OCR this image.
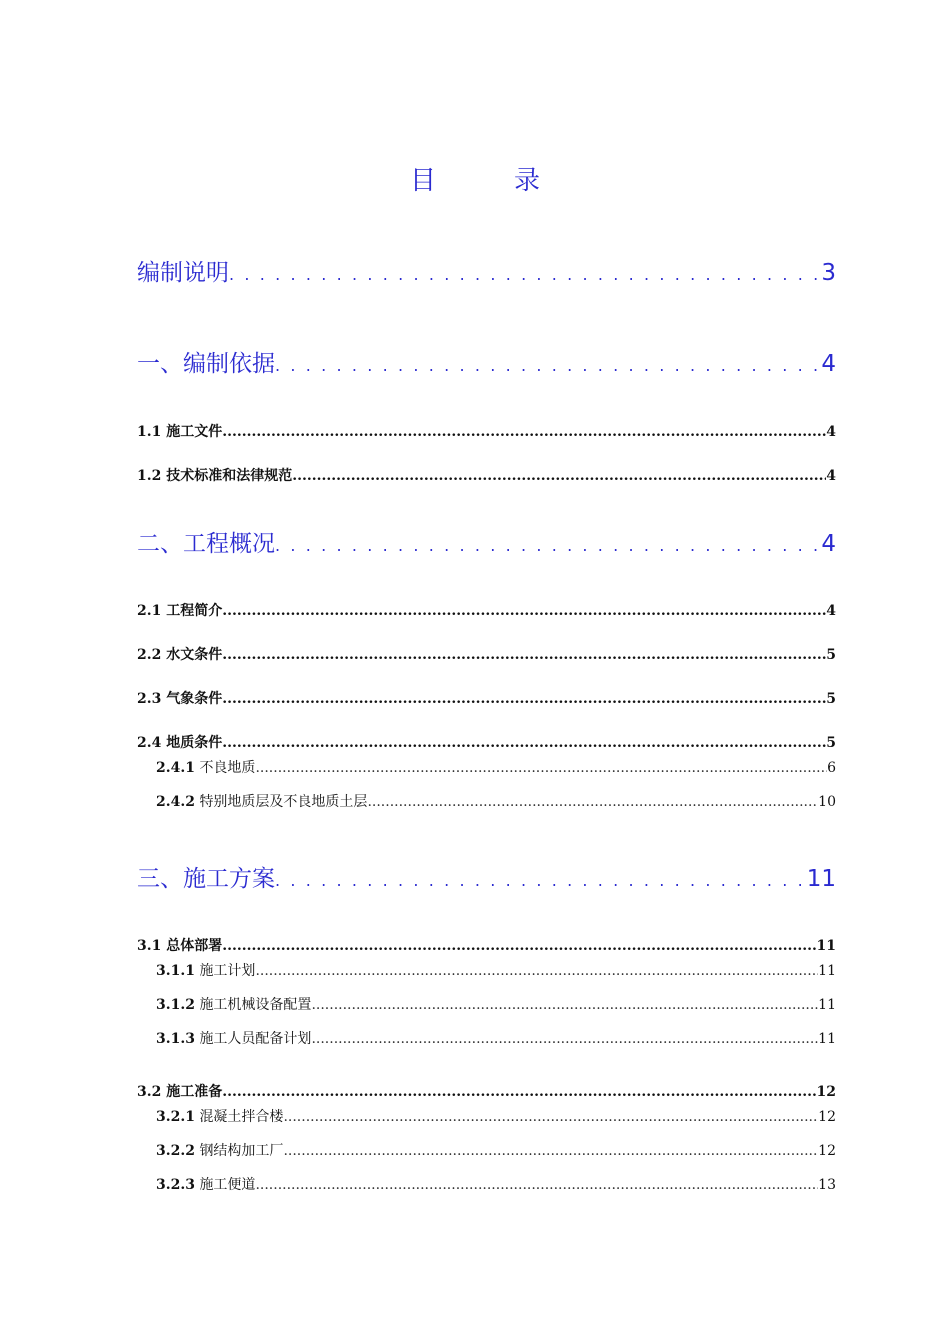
目　录
编制说明 . . .	3
一、编制依据 . . .	4
1.1 施工文件 .....	4
1.2 技术标准和法律规范 .....	4
二、工程概况 . . .	4
2.1 工程简介 .....	4
2.2 水文条件 .....	5
2.3 气象条件 .....	5
2.4 地质条件 .....	5
2.4.1 不良地质 .....	6
2.4.2 特别地质层及不良地质土层 .....	10
三、施工方案 . . .	11
3.1 总体部署 .....	11
3.1.1 施工计划 .....	11
3.1.2 施工机械设备配置 .....	11
3.1.3 施工人员配备计划 .....	11
3.2 施工准备 .....	12
3.2.1 混凝土拌合楼 .....	12
3.2.2 钢结构加工厂 .....	12
3.2.3 施工便道 .....	13
